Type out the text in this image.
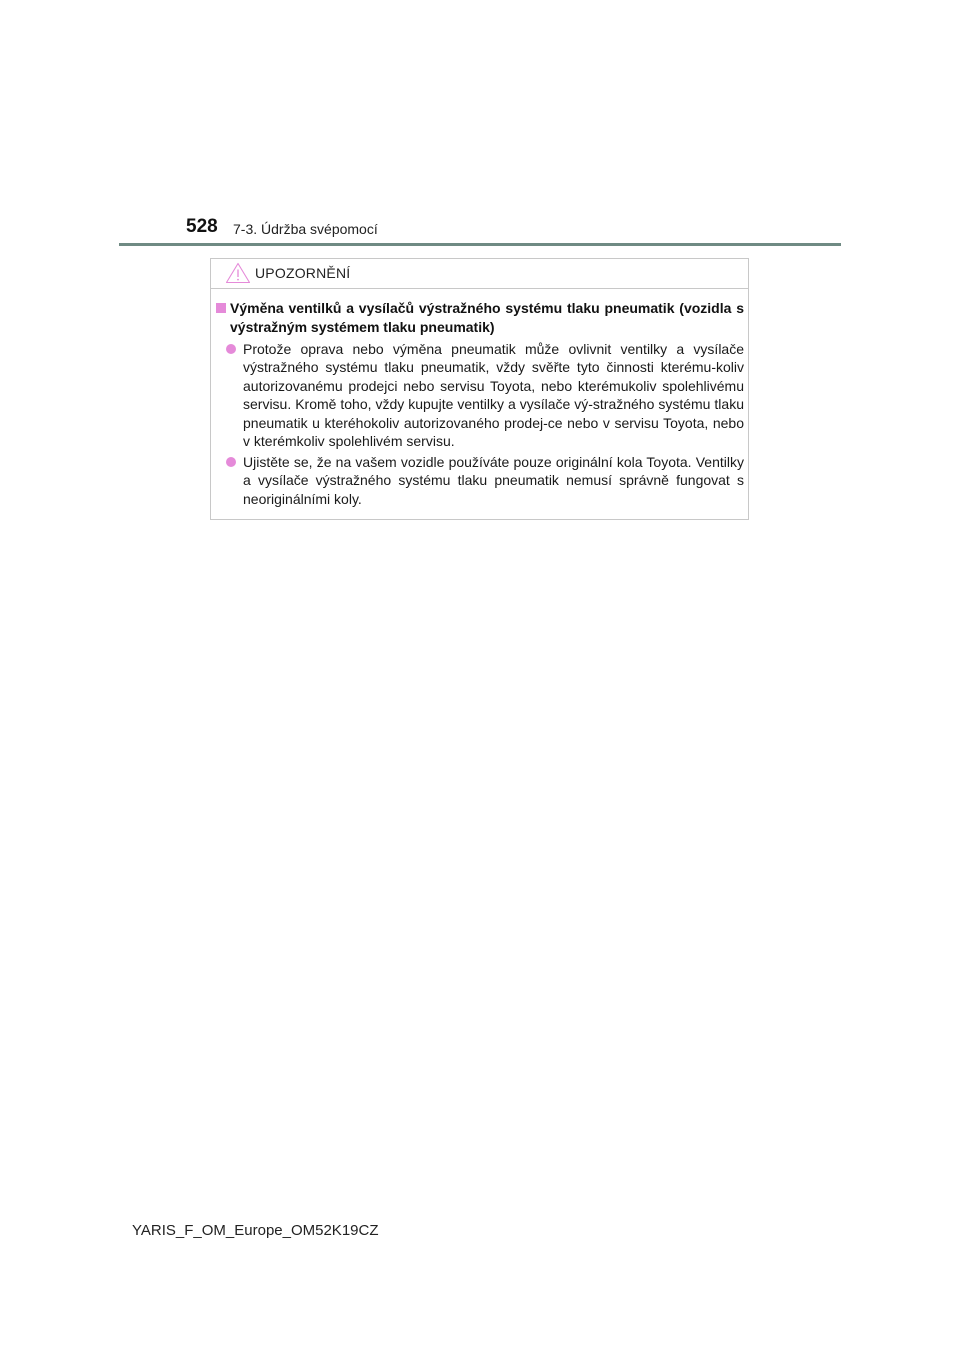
528 7-3. Údržba svépomocí
UPOZORNĚNÍ
Výměna ventilků a vysílačů výstražného systému tlaku pneumatik (vozidla s výstražným systémem tlaku pneumatik)
Protože oprava nebo výměna pneumatik může ovlivnit ventilky a vysílače výstražného systému tlaku pneumatik, vždy svěřte tyto činnosti kterému-koliv autorizovanému prodejci nebo servisu Toyota, nebo kterémukoliv spolehlivému servisu. Kromě toho, vždy kupujte ventilky a vysílače vý-stražného systému tlaku pneumatik u kteréhokoliv autorizovaného prodej-ce nebo v servisu Toyota, nebo v kterémkoliv spolehlivém servisu.
Ujistěte se, že na vašem vozidle používáte pouze originální kola Toyota. Ventilky a vysílače výstražného systému tlaku pneumatik nemusí správně fungovat s neoriginálními koly.
YARIS_F_OM_Europe_OM52K19CZ
